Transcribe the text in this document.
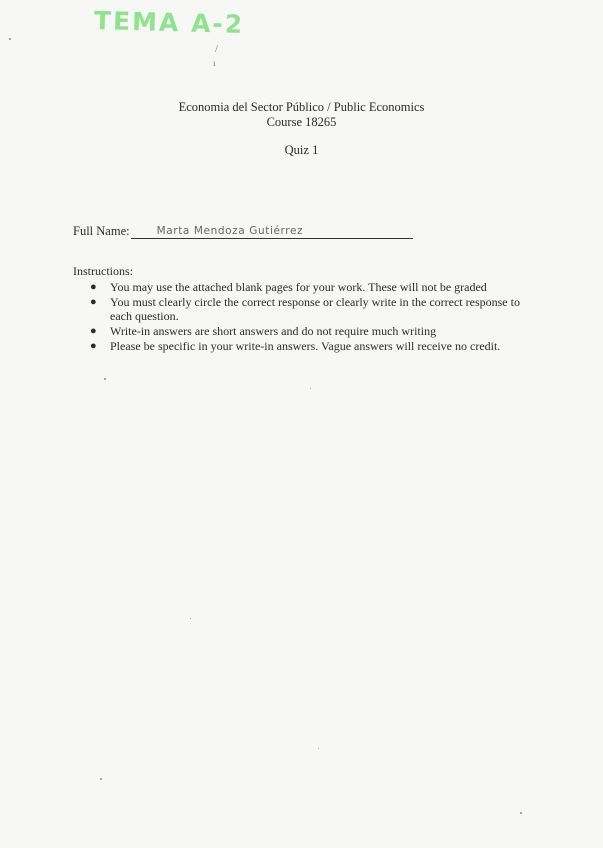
TEMA A-2
/
ı
Economia del Sector Público / Public Economics
Course 18265
Quiz 1
Full Name:	Marta Mendoza Gutiérrez
Instructions:
● You may use the attached blank pages for your work. These will not be graded
● You must clearly circle the correct response or clearly write in the correct response to each question.
● Write-in answers are short answers and do not require much writing
● Please be specific in your write-in answers. Vague answers will receive no credit.
